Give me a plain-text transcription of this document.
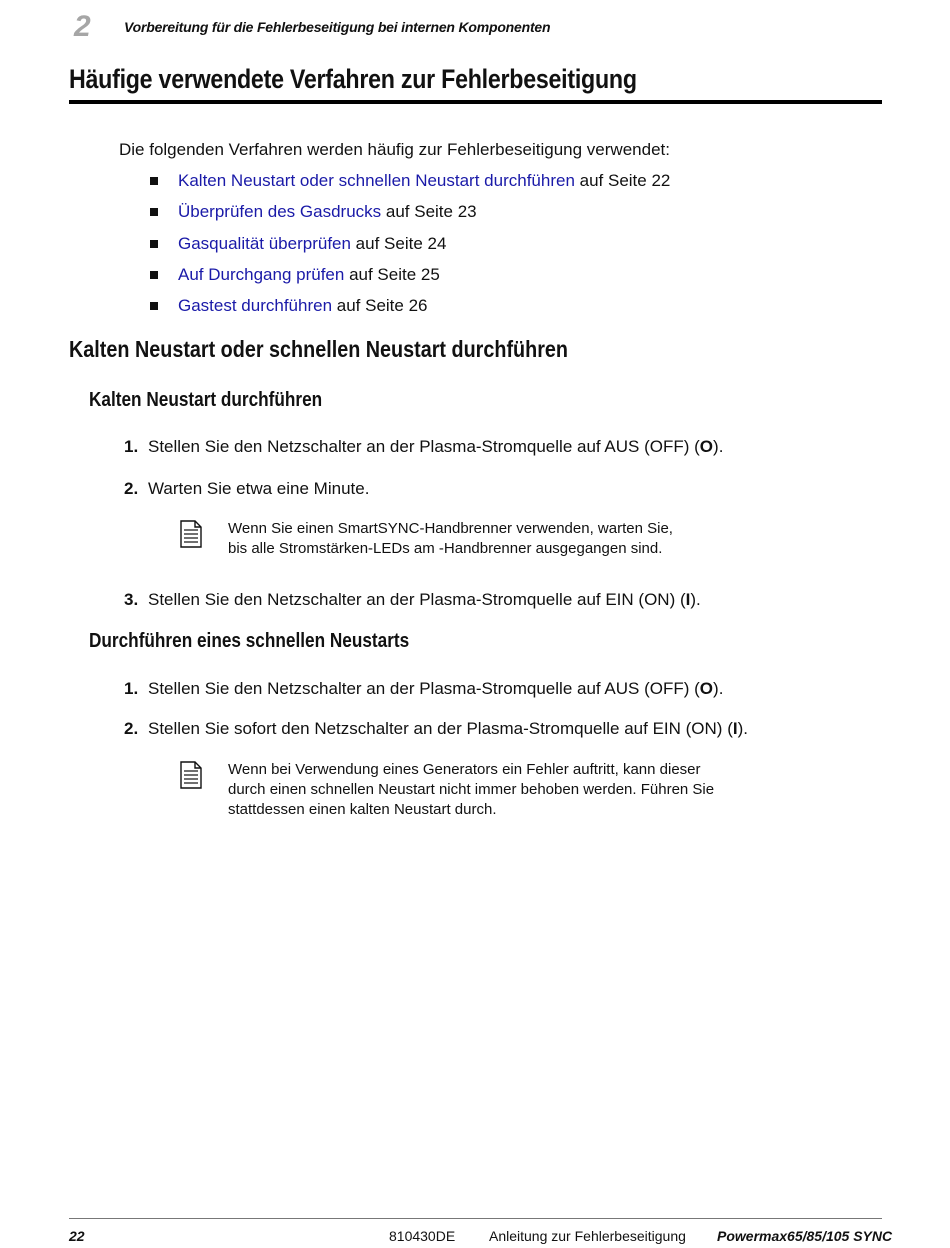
2 Vorbereitung für die Fehlerbeseitigung bei internen Komponenten
Häufige verwendete Verfahren zur Fehlerbeseitigung
Die folgenden Verfahren werden häufig zur Fehlerbeseitigung verwendet:
Kalten Neustart oder schnellen Neustart durchführen auf Seite 22
Überprüfen des Gasdrucks auf Seite 23
Gasqualität überprüfen auf Seite 24
Auf Durchgang prüfen auf Seite 25
Gastest durchführen auf Seite 26
Kalten Neustart oder schnellen Neustart durchführen
Kalten Neustart durchführen
1. Stellen Sie den Netzschalter an der Plasma-Stromquelle auf AUS (OFF) (O).
2. Warten Sie etwa eine Minute.
Wenn Sie einen SmartSYNC-Handbrenner verwenden, warten Sie,
bis alle Stromstärken-LEDs am -Handbrenner ausgegangen sind.
3. Stellen Sie den Netzschalter an der Plasma-Stromquelle auf EIN (ON) (I).
Durchführen eines schnellen Neustarts
1. Stellen Sie den Netzschalter an der Plasma-Stromquelle auf AUS (OFF) (O).
2. Stellen Sie sofort den Netzschalter an der Plasma-Stromquelle auf EIN (ON) (I).
Wenn bei Verwendung eines Generators ein Fehler auftritt, kann dieser
durch einen schnellen Neustart nicht immer behoben werden. Führen Sie
stattdessen einen kalten Neustart durch.
22	810430DE Anleitung zur Fehlerbeseitigung Powermax65/85/105 SYNC
